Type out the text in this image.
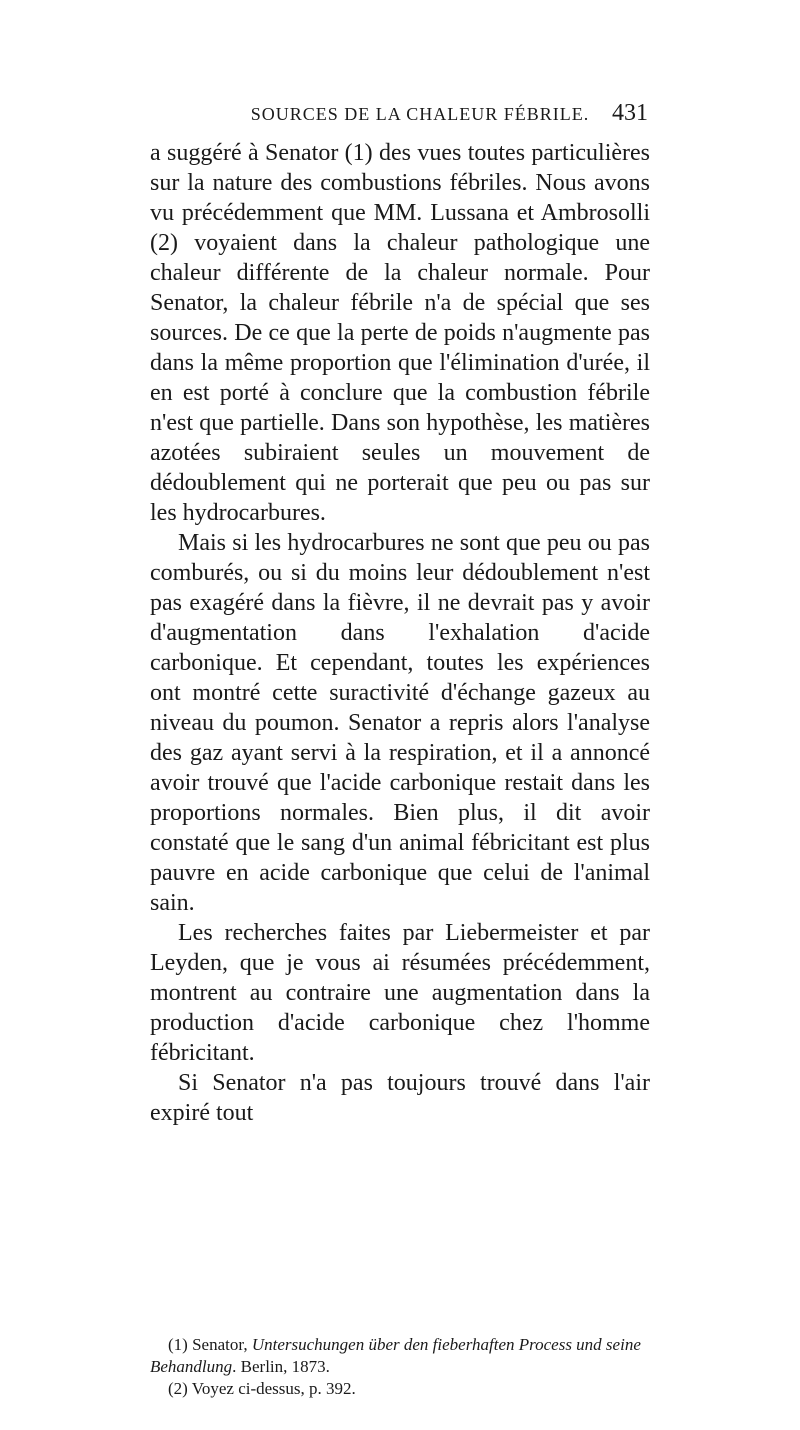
SOURCES DE LA CHALEUR FÉBRILE. 431

a suggéré à Senator (1) des vues toutes particulières sur la nature des combustions fébriles. Nous avons vu précédemment que MM. Lussana et Ambrosolli (2) voyaient dans la chaleur pathologique une chaleur différente de la chaleur normale. Pour Senator, la chaleur fébrile n'a de spécial que ses sources. De ce que la perte de poids n'augmente pas dans la même proportion que l'élimination d'urée, il en est porté à conclure que la combustion fébrile n'est que partielle. Dans son hypothèse, les matières azotées subiraient seules un mouvement de dédoublement qui ne porterait que peu ou pas sur les hydrocarbures.

Mais si les hydrocarbures ne sont que peu ou pas comburés, ou si du moins leur dédoublement n'est pas exagéré dans la fièvre, il ne devrait pas y avoir d'augmentation dans l'exhalation d'acide carbonique. Et cependant, toutes les expériences ont montré cette suractivité d'échange gazeux au niveau du poumon. Senator a repris alors l'analyse des gaz ayant servi à la respiration, et il a annoncé avoir trouvé que l'acide carbonique restait dans les proportions normales. Bien plus, il dit avoir constaté que le sang d'un animal fébricitant est plus pauvre en acide carbonique que celui de l'animal sain.

Les recherches faites par Liebermeister et par Leyden, que je vous ai résumées précédemment, montrent au contraire une augmentation dans la production d'acide carbonique chez l'homme fébricitant.

Si Senator n'a pas toujours trouvé dans l'air expiré tout

(1) Senator, Untersuchungen über den fieberhaften Process und seine Behandlung. Berlin, 1873.

(2) Voyez ci-dessus, p. 392.
